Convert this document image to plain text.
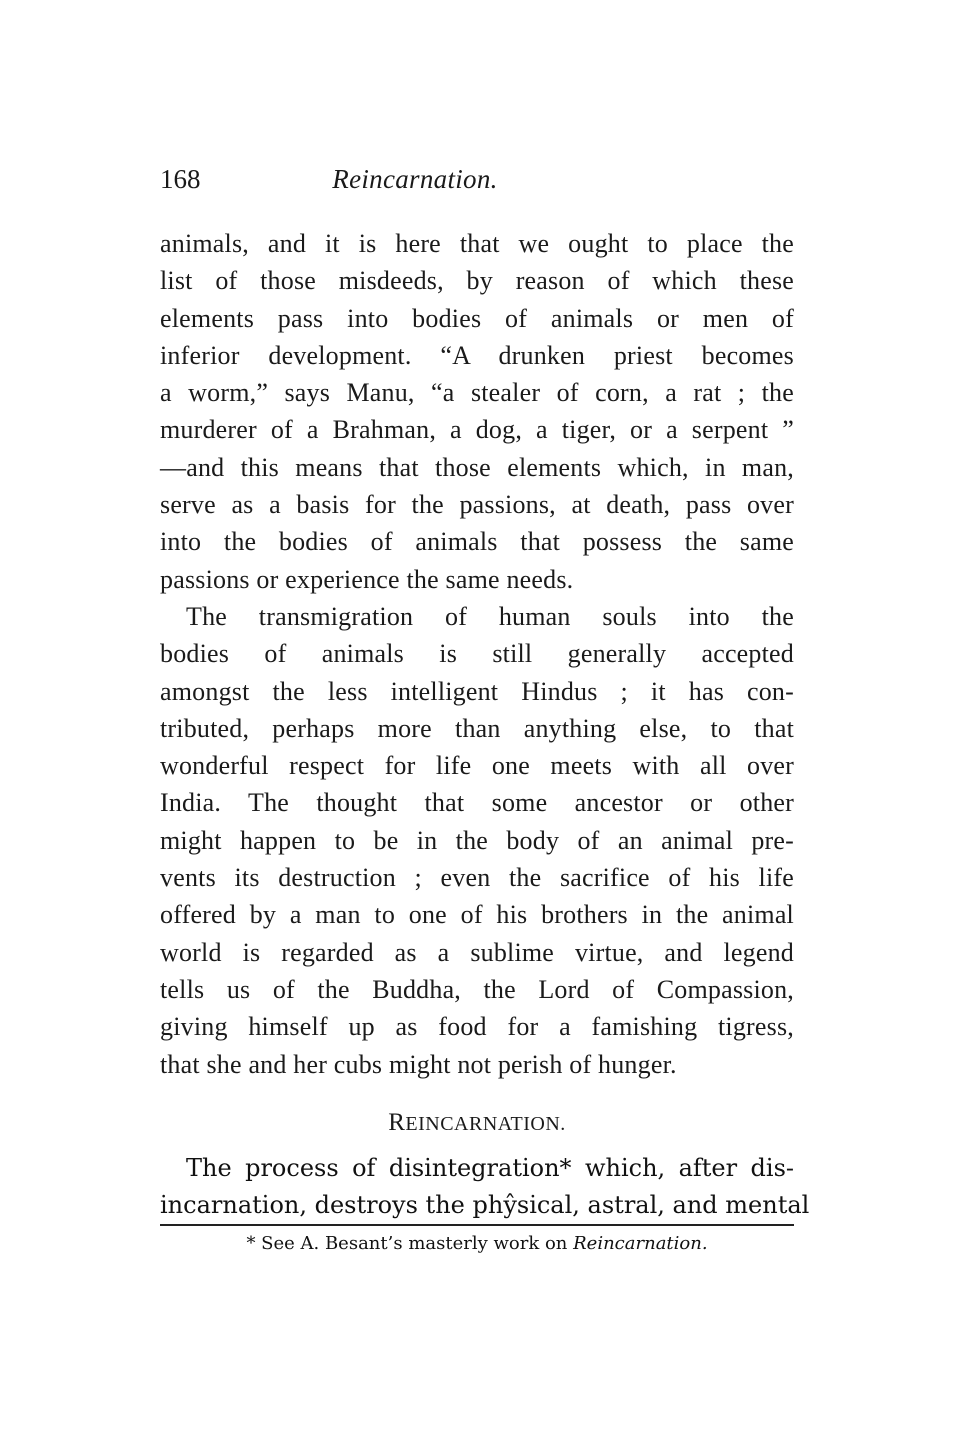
168	Reincarnation.
animals, and it is here that we ought to place the
list of those misdeeds, by reason of which these
elements pass into bodies of animals or men of
inferior development. “A drunken priest becomes
a worm,” says Manu, “a stealer of corn, a rat ; the
murderer of a Brahman, a dog, a tiger, or a serpent ”
—and this means that those elements which, in man,
serve as a basis for the passions, at death, pass over
into the bodies of animals that possess the same
passions or experience the same needs.
The transmigration of human souls into the
bodies of animals is still generally accepted
amongst the less intelligent Hindus ; it has con-
tributed, perhaps more than anything else, to that
wonderful respect for life one meets with all over
India. The thought that some ancestor or other
might happen to be in the body of an animal pre-
vents its destruction ; even the sacrifice of his life
offered by a man to one of his brothers in the animal
world is regarded as a sublime virtue, and legend
tells us of the Buddha, the Lord of Compassion,
giving himself up as food for a famishing tigress,
that she and her cubs might not perish of hunger.
REINCARNATION.
The process of disintegration* which, after dis-
incarnation, destroys the phŷsical, astral, and mental
* See A. Besant’s masterly work on Reincarnation.
